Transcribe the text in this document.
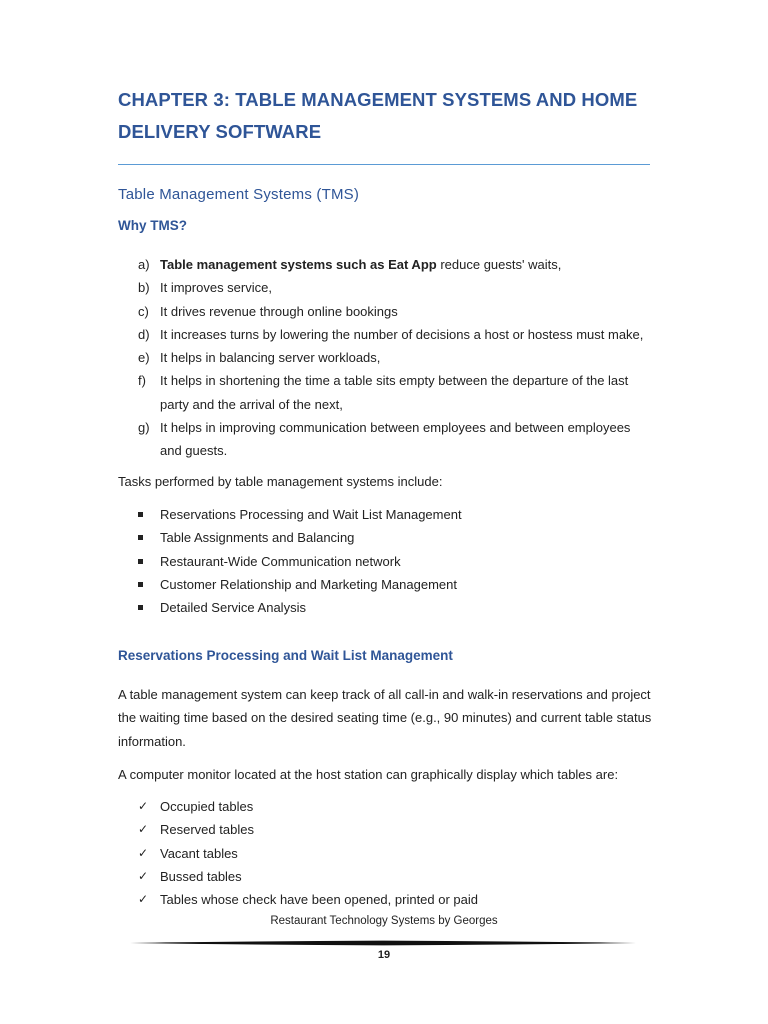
CHAPTER 3: TABLE MANAGEMENT SYSTEMS AND HOME DELIVERY SOFTWARE
Table Management Systems (TMS)
Why TMS?
a) Table management systems such as Eat App reduce guests' waits,
b) It improves service,
c) It drives revenue through online bookings
d) It increases turns by lowering the number of decisions a host or hostess must make,
e) It helps in balancing server workloads,
f) It helps in shortening the time a table sits empty between the departure of the last party and the arrival of the next,
g) It helps in improving communication between employees and between employees and guests.

Tasks performed by table management systems include:

Reservations Processing and Wait List Management
Table Assignments and Balancing
Restaurant-Wide Communication network
Customer Relationship and Marketing Management
Detailed Service Analysis
Reservations Processing and Wait List Management

A table management system can keep track of all call-in and walk-in reservations and project the waiting time based on the desired seating time (e.g., 90 minutes) and current table status information.

A computer monitor located at the host station can graphically display which tables are:

✓ Occupied tables
✓ Reserved tables
✓ Vacant tables
✓ Bussed tables
✓ Tables whose check have been opened, printed or paid
Restaurant Technology Systems by Georges
19
